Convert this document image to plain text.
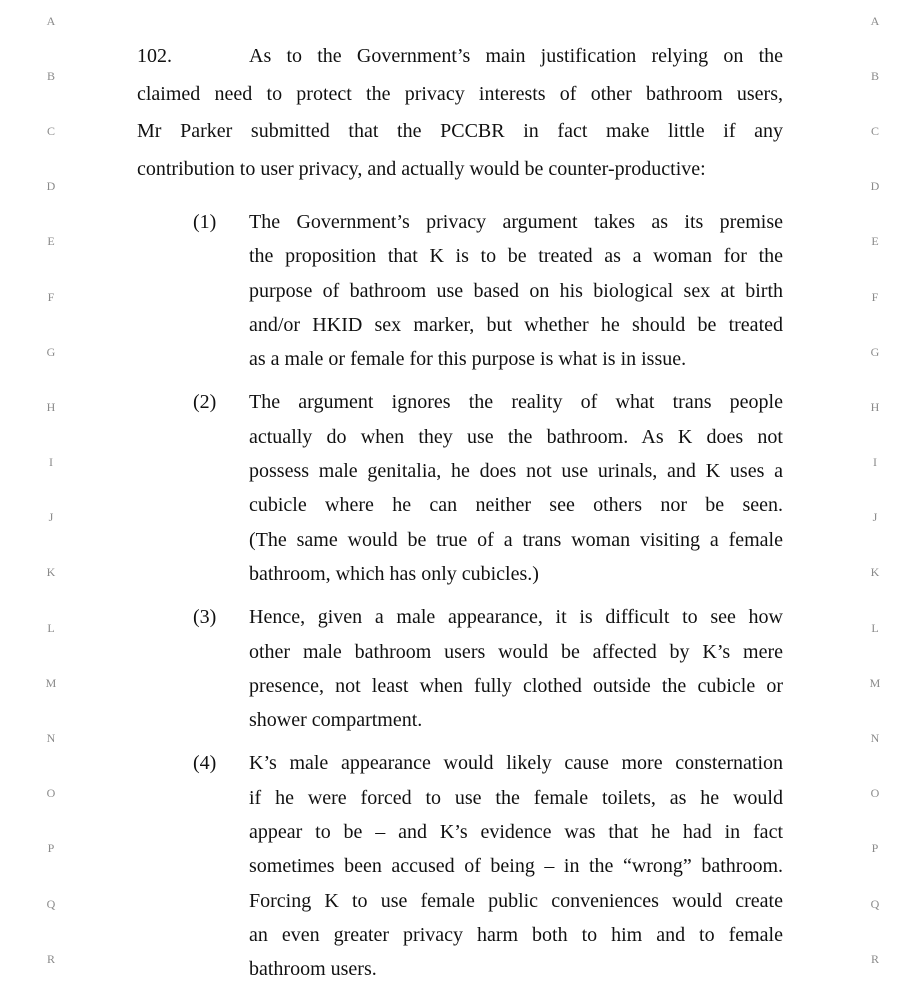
A
B
C
D
E
F
G
H
I
J
K
L
M
N
O
P
Q
R
A
B
C
D
E
F
G
H
I
J
K
L
M
N
O
P
Q
R
102.	As to the Government’s main justification relying on the
claimed need to protect the privacy interests of other bathroom users,
Mr Parker submitted that the PCCBR in fact make little if any
contribution to user privacy, and actually would be counter-productive:
(1)	The Government’s privacy argument takes as its premise
the proposition that K is to be treated as a woman for the
purpose of bathroom use based on his biological sex at birth
and/or HKID sex marker, but whether he should be treated
as a male or female for this purpose is what is in issue.
(2)	The argument ignores the reality of what trans people
actually do when they use the bathroom. As K does not
possess male genitalia, he does not use urinals, and K uses a
cubicle where he can neither see others nor be seen.
(The same would be true of a trans woman visiting a female
bathroom, which has only cubicles.)
(3)	Hence, given a male appearance, it is difficult to see how
other male bathroom users would be affected by K’s mere
presence, not least when fully clothed outside the cubicle or
shower compartment.
(4)	K’s male appearance would likely cause more consternation
if he were forced to use the female toilets, as he would
appear to be – and K’s evidence was that he had in fact
sometimes been accused of being – in the “wrong” bathroom.
Forcing K to use female public conveniences would create
an even greater privacy harm both to him and to female
bathroom users.
